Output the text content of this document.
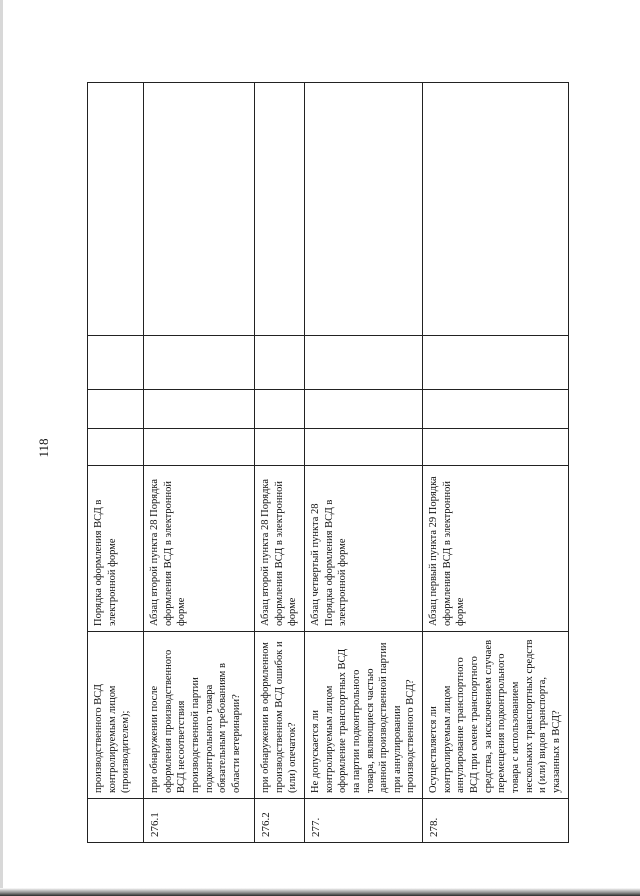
118
	производственного ВСД контролируемым лицом (производителем);	Порядка оформления ВСД в электронной форме				
276.1	при обнаружении после оформления производственного ВСД несоответствия производственной партии подконтрольного товара обязательным требованиям в области ветеринарии?	Абзац второй пункта 28 Порядка оформления ВСД в электронной форме				
276.2	при обнаружении в оформленном производственном ВСД ошибок и (или) опечаток?	Абзац второй пункта 28 Порядка оформления ВСД в электронной форме				
277.	Не допускается ли контролируемым лицом оформление транспортных ВСД на партии подконтрольного товара, являющиеся частью данной производственной партии при аннулировании производственного ВСД?	Абзац четвертый пункта 28 Порядка оформления ВСД в электронной форме				
278.	Осуществляется ли контролируемым лицом аннулирование транспортного ВСД при смене транспортного средства, за исключением случаев перемещения подконтрольного товара с использованием нескольких транспортных средств и (или) видов транспорта, указанных в ВСД?	Абзац первый пункта 29 Порядка оформления ВСД в электронной форме				
